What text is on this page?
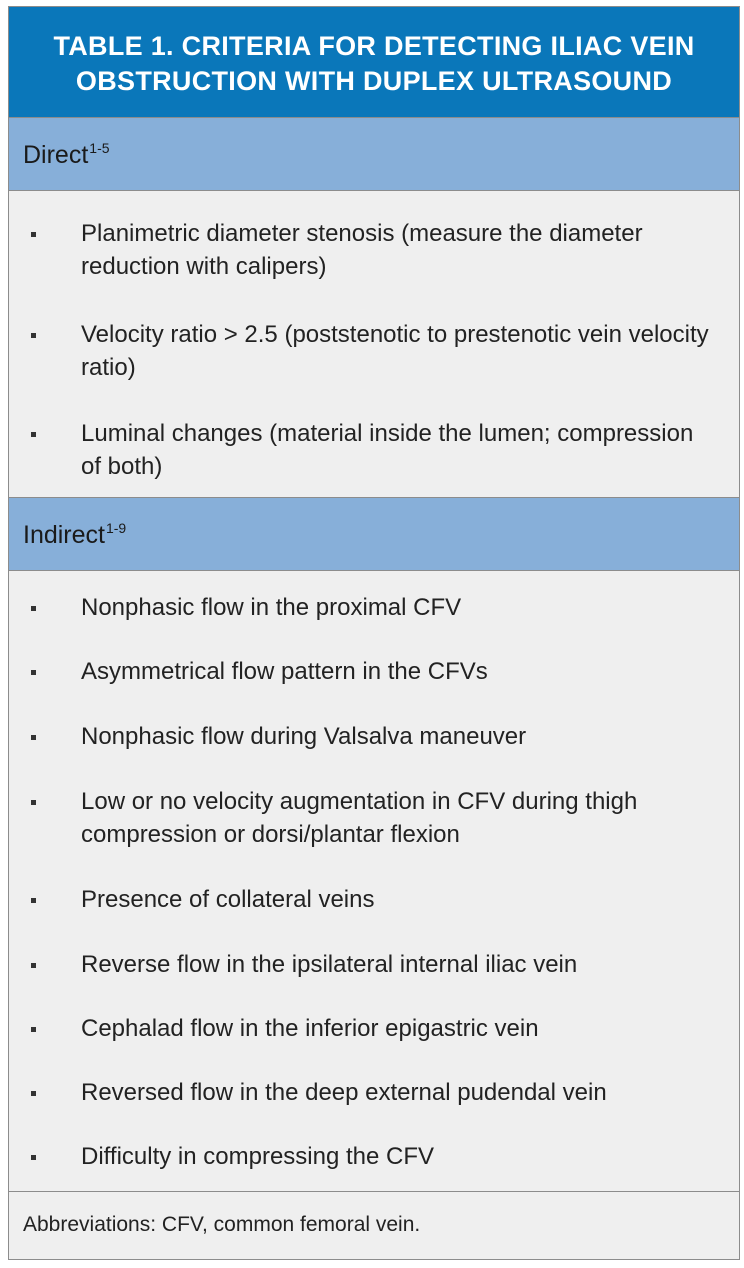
TABLE 1. CRITERIA FOR DETECTING ILIAC VEIN
OBSTRUCTION WITH DUPLEX ULTRASOUND
Direct$^{1-5}$
Planimetric diameter stenosis (measure the diameter reduction with calipers)
Velocity ratio > 2.5 (poststenotic to prestenotic vein velocity ratio)
Luminal changes (material inside the lumen; compression of both)
Indirect$^{1-9}$
Nonphasic flow in the proximal CFV
Asymmetrical flow pattern in the CFVs
Nonphasic flow during Valsalva maneuver
Low or no velocity augmentation in CFV during thigh compression or dorsi/plantar flexion
Presence of collateral veins
Reverse flow in the ipsilateral internal iliac vein
Cephalad flow in the inferior epigastric vein
Reversed flow in the deep external pudendal vein
Difficulty in compressing the CFV
Abbreviations: CFV, common femoral vein.
